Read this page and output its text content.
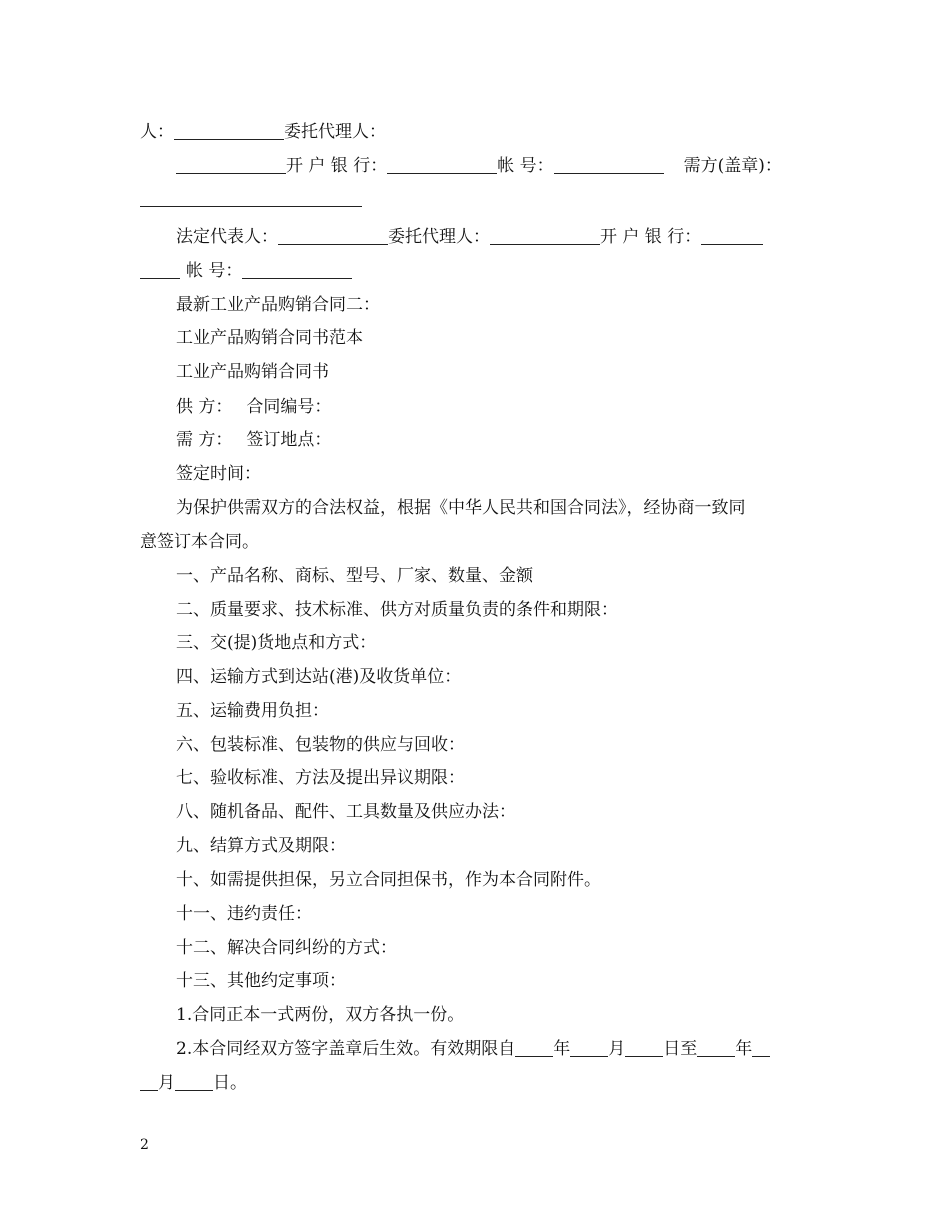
人：	委托代理人：
开 户 银 行：	帐 号：	需方(盖章)：
法定代表人：	委托代理人：	开 户 银 行：
帐 号：
最新工业产品购销合同二：
工业产品购销合同书范本
工业产品购销合同书
供 方： 合同编号：
需 方： 签订地点：
签定时间：
为保护供需双方的合法权益，根据《中华人民共和国合同法》，经协商一致同
意签订本合同。
一、产品名称、商标、型号、厂家、数量、金额
二、质量要求、技术标准、供方对质量负责的条件和期限：
三、交(提)货地点和方式：
四、运输方式到达站(港)及收货单位：
五、运输费用负担：
六、包装标准、包装物的供应与回收：
七、验收标准、方法及提出异议期限：
八、随机备品、配件、工具数量及供应办法：
九、结算方式及期限：
十、如需提供担保，另立合同担保书，作为本合同附件。
十一、违约责任：
十二、解决合同纠纷的方式：
十三、其他约定事项：
1.合同正本一式两份，双方各执一份。
2.本合同经双方签字盖章后生效。有效期限自 年 月 日至 年
月 日。
2
